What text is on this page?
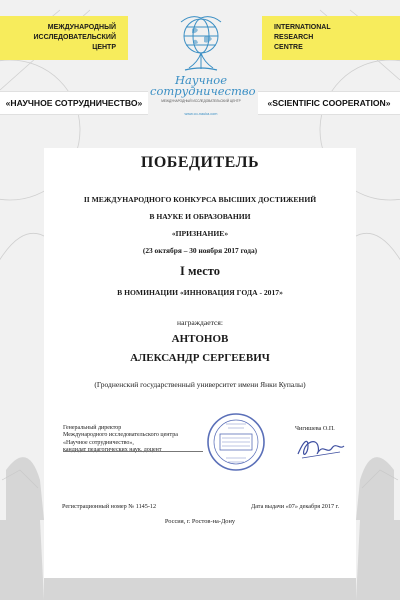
МЕЖДУНАРОДНЫЙ
ИССЛЕДОВАТЕЛЬСКИЙ
ЦЕНТР
INTERNATIONAL
RESEARCH
CENTRE
«НАУЧНОЕ СОТРУДНИЧЕСТВО»	«SCIENTIFIC COOPERATION»
Научное
сотрудничество
МЕЖДУНАРОДНЫЙ ИССЛЕДОВАТЕЛЬСКИЙ ЦЕНТР
www.co-nauka.com
ПОБЕДИТЕЛЬ
II МЕЖДУНАРОДНОГО КОНКУРСА ВЫСШИХ ДОСТИЖЕНИЙ
В НАУКЕ И ОБРАЗОВАНИИ
«ПРИЗНАНИЕ»
(23 октября – 30 ноября 2017 года)
I место
В НОМИНАЦИИ «ИННОВАЦИЯ ГОДА - 2017»
награждается:
АНТОНОВ
АЛЕКСАНДР СЕРГЕЕВИЧ
(Гродненский государственный университет имени Янки Купалы)
Генеральный директор
Международного исследовательского центра
«Научное сотрудничество»,
кандидат педагогических наук, доцент
Чигишева О.П.
Регистрационный номер № 1145-12	Дата выдачи «07» декабря 2017 г.
Россия, г. Ростов-на-Дону
